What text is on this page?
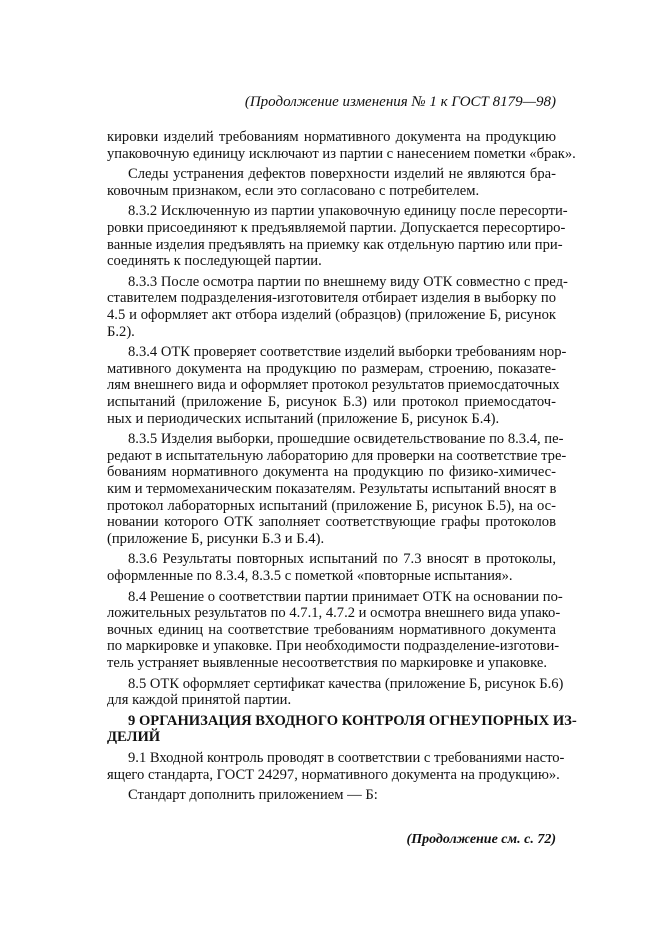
(Продолжение изменения № 1 к ГОСТ 8179—98)
кировки изделий требованиям нормативного документа на продукцию
упаковочную единицу исключают из партии с нанесением пометки «брак».
Следы устранения дефектов поверхности изделий не являются бра-
ковочным признаком, если это согласовано с потребителем.
8.3.2 Исключенную из партии упаковочную единицу после пересорти-
ровки присоединяют к предъявляемой партии. Допускается пересортиро-
ванные изделия предъявлять на приемку как отдельную партию или при-
соединять к последующей партии.
8.3.3 После осмотра партии по внешнему виду ОТК совместно с пред-
ставителем подразделения-изготовителя отбирает изделия в выборку по
4.5 и оформляет акт отбора изделий (образцов) (приложение Б, рисунок
Б.2).
8.3.4 ОТК проверяет соответствие изделий выборки требованиям нор-
мативного документа на продукцию по размерам, строению, показате-
лям внешнего вида и оформляет протокол результатов приемосдаточных
испытаний (приложение Б, рисунок Б.3) или протокол приемосдаточ-
ных и периодических испытаний (приложение Б, рисунок Б.4).
8.3.5 Изделия выборки, прошедшие освидетельствование по 8.3.4, пе-
редают в испытательную лабораторию для проверки на соответствие тре-
бованиям нормативного документа на продукцию по физико-химичес-
ким и термомеханическим показателям. Результаты испытаний вносят в
протокол лабораторных испытаний (приложение Б, рисунок Б.5), на ос-
новании которого ОТК заполняет соответствующие графы протоколов
(приложение Б, рисунки Б.3 и Б.4).
8.3.6 Результаты повторных испытаний по 7.3 вносят в протоколы,
оформленные по 8.3.4, 8.3.5 с пометкой «повторные испытания».
8.4 Решение о соответствии партии принимает ОТК на основании по-
ложительных результатов по 4.7.1, 4.7.2 и осмотра внешнего вида упако-
вочных единиц на соответствие требованиям нормативного документа
по маркировке и упаковке. При необходимости подразделение-изготови-
тель устраняет выявленные несоответствия по маркировке и упаковке.
8.5 ОТК оформляет сертификат качества (приложение Б, рисунок Б.6)
для каждой принятой партии.
9 ОРГАНИЗАЦИЯ ВХОДНОГО КОНТРОЛЯ ОГНЕУПОРНЫХ ИЗ-
ДЕЛИЙ
9.1 Входной контроль проводят в соответствии с требованиями насто-
ящего стандарта, ГОСТ 24297, нормативного документа на продукцию».
Стандарт дополнить приложением — Б:
(Продолжение см. с. 72)
